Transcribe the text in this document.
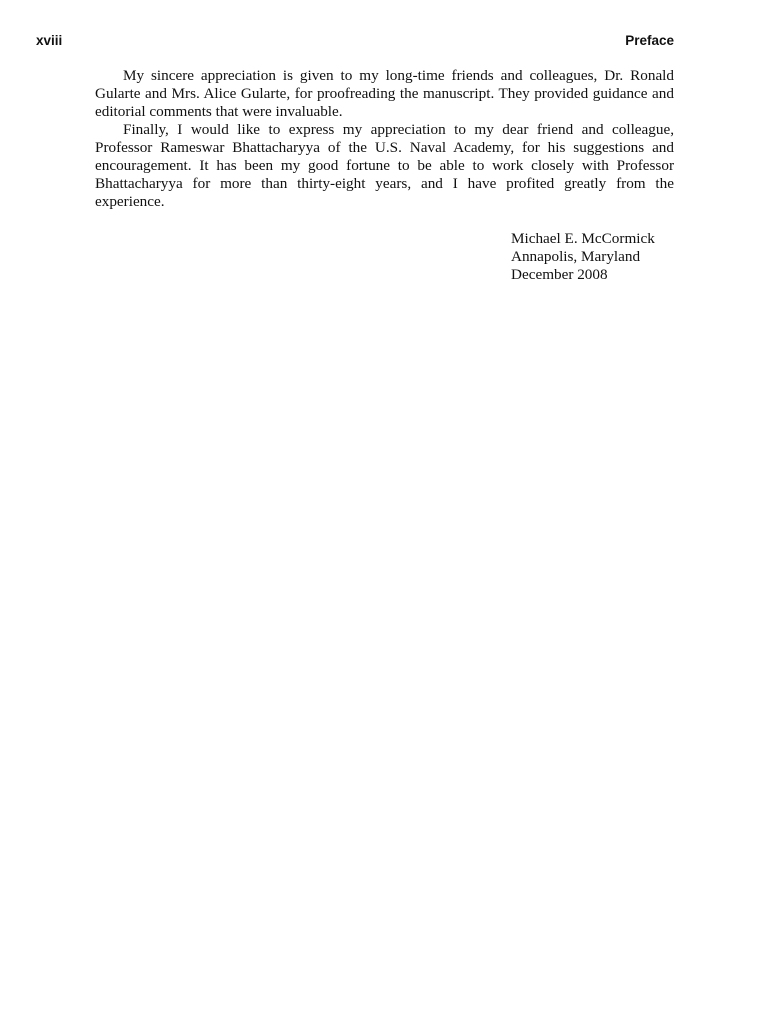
xviii	Preface

My sincere appreciation is given to my long-time friends and colleagues, Dr. Ronald Gularte and Mrs. Alice Gularte, for proofreading the manuscript. They provided guidance and editorial comments that were invaluable.

Finally, I would like to express my appreciation to my dear friend and colleague, Professor Rameswar Bhattacharyya of the U.S. Naval Academy, for his suggestions and encouragement. It has been my good fortune to be able to work closely with Professor Bhattacharyya for more than thirty-eight years, and I have profited greatly from the experience.

Michael E. McCormick
Annapolis, Maryland
December 2008
